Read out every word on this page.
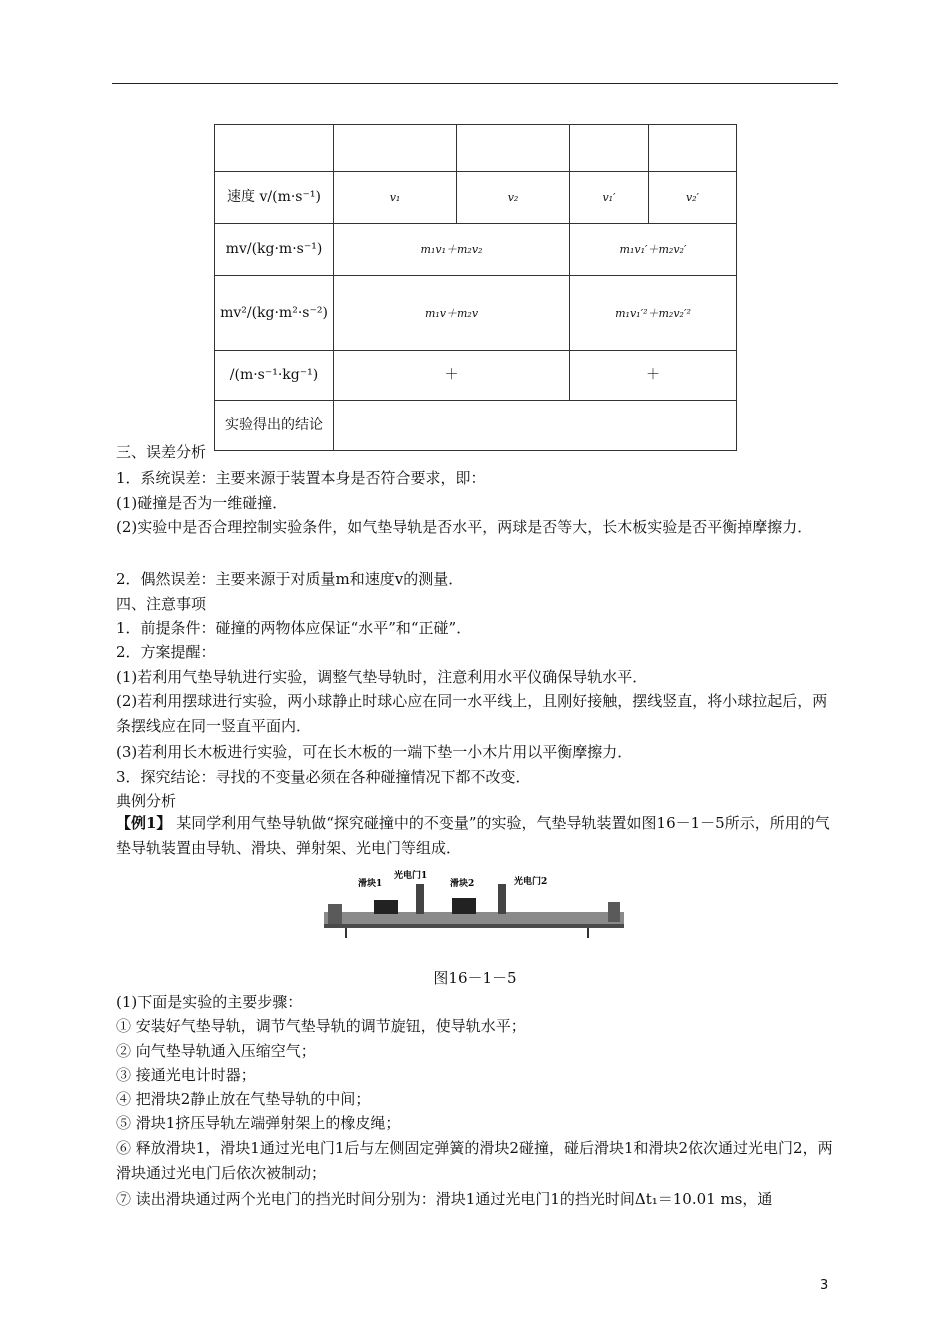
速度 v/(m·s⁻¹)	v₁	v₂	v₁′	v₂′
mv/(kg·m·s⁻¹)	m₁v₁＋m₂v₂		m₁v₁′＋m₂v₂′	
mv²/(kg·m²·s⁻²)	m₁v＋m₂v		m₁v₁′²＋m₂v₂′²	
/(m·s⁻¹·kg⁻¹)	＋		＋	
实验得出的结论				
三、误差分析
1．系统误差：主要来源于装置本身是否符合要求，即：
(1)碰撞是否为一维碰撞．
(2)实验中是否合理控制实验条件，如气垫导轨是否水平，两球是否等大，长木板实验是否平衡掉摩擦力．
2．偶然误差：主要来源于对质量m和速度v的测量．
四、注意事项
1．前提条件：碰撞的两物体应保证“水平”和“正碰”．
2．方案提醒：
(1)若利用气垫导轨进行实验，调整气垫导轨时，注意利用水平仪确保导轨水平．
(2)若利用摆球进行实验，两小球静止时球心应在同一水平线上，且刚好接触，摆线竖直，将小球拉起后，两条摆线应在同一竖直平面内．
(3)若利用长木板进行实验，可在长木板的一端下垫一小木片用以平衡摩擦力．
3．探究结论：寻找的不变量必须在各种碰撞情况下都不改变．
典例分析
【例1】 某同学利用气垫导轨做“探究碰撞中的不变量”的实验，气垫导轨装置如图16－1－5所示，所用的气垫导轨装置由导轨、滑块、弹射架、光电门等组成．
滑块1
光电门1
滑块2	光电门2
图16－1－5
(1)下面是实验的主要步骤：
① 安装好气垫导轨，调节气垫导轨的调节旋钮，使导轨水平；
② 向气垫导轨通入压缩空气；
③ 接通光电计时器；
④ 把滑块2静止放在气垫导轨的中间；
⑤ 滑块1挤压导轨左端弹射架上的橡皮绳；
⑥ 释放滑块1，滑块1通过光电门1后与左侧固定弹簧的滑块2碰撞，碰后滑块1和滑块2依次通过光电门2，两滑块通过光电门后依次被制动；
⑦ 读出滑块通过两个光电门的挡光时间分别为：滑块1通过光电门1的挡光时间Δt₁＝10.01 ms，通
3
